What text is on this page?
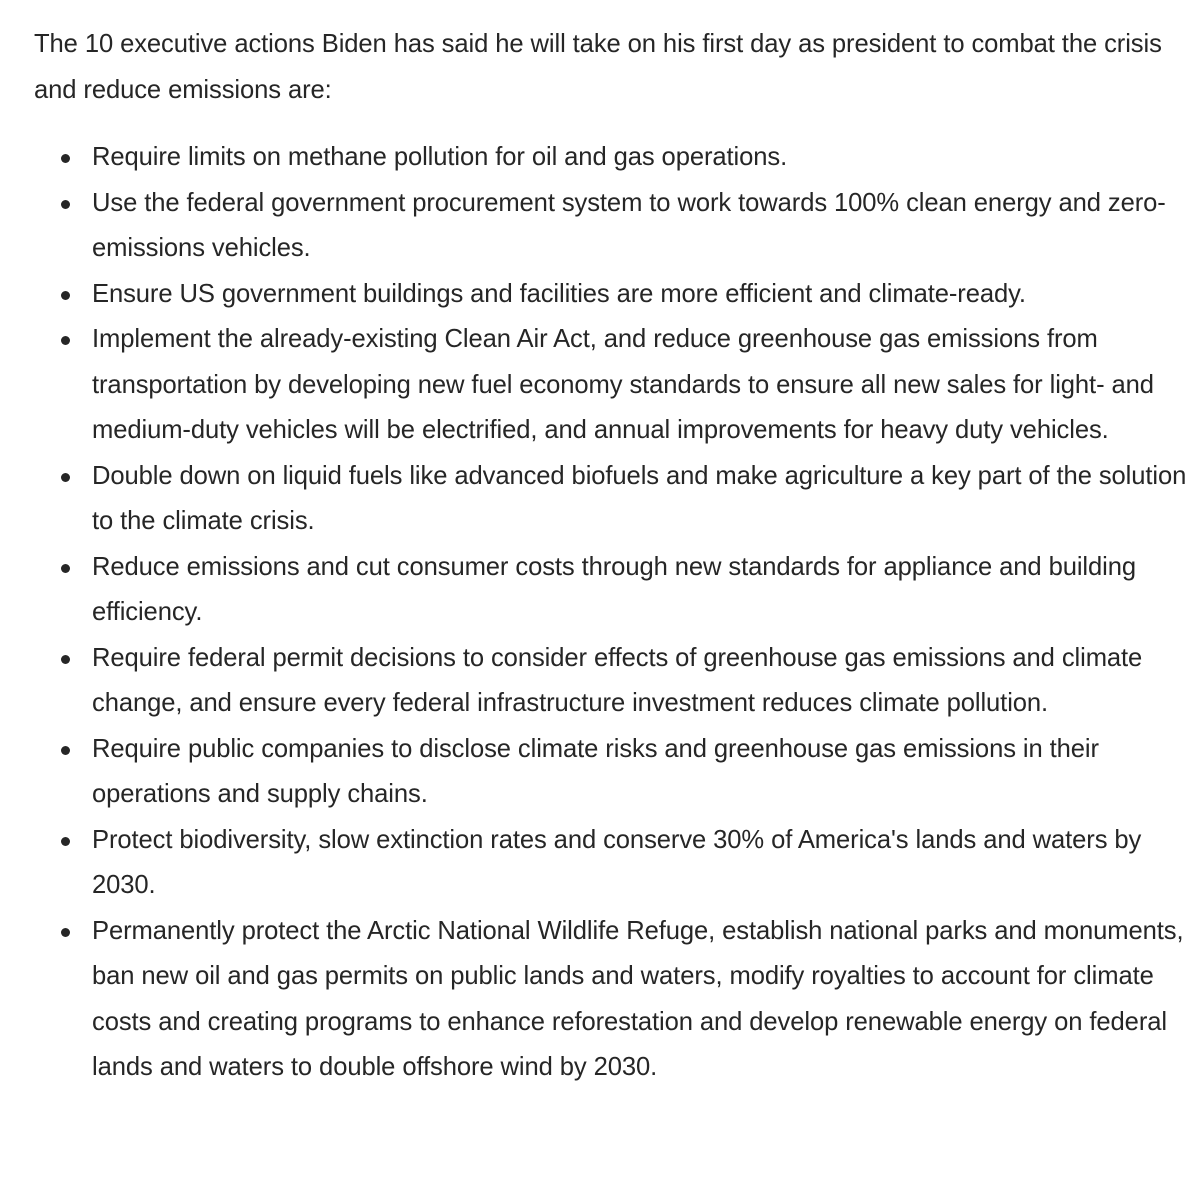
The 10 executive actions Biden has said he will take on his first day as president to combat the crisis and reduce emissions are:

Require limits on methane pollution for oil and gas operations.
Use the federal government procurement system to work towards 100% clean energy and zero-emissions vehicles.
Ensure US government buildings and facilities are more efficient and climate-ready.
Implement the already-existing Clean Air Act, and reduce greenhouse gas emissions from transportation by developing new fuel economy standards to ensure all new sales for light- and medium-duty vehicles will be electrified, and annual improvements for heavy duty vehicles.
Double down on liquid fuels like advanced biofuels and make agriculture a key part of the solution to the climate crisis.
Reduce emissions and cut consumer costs through new standards for appliance and building efficiency.
Require federal permit decisions to consider effects of greenhouse gas emissions and climate change, and ensure every federal infrastructure investment reduces climate pollution.
Require public companies to disclose climate risks and greenhouse gas emissions in their operations and supply chains.
Protect biodiversity, slow extinction rates and conserve 30% of America's lands and waters by 2030.
Permanently protect the Arctic National Wildlife Refuge, establish national parks and monuments, ban new oil and gas permits on public lands and waters, modify royalties to account for climate costs and creating programs to enhance reforestation and develop renewable energy on federal lands and waters to double offshore wind by 2030.
